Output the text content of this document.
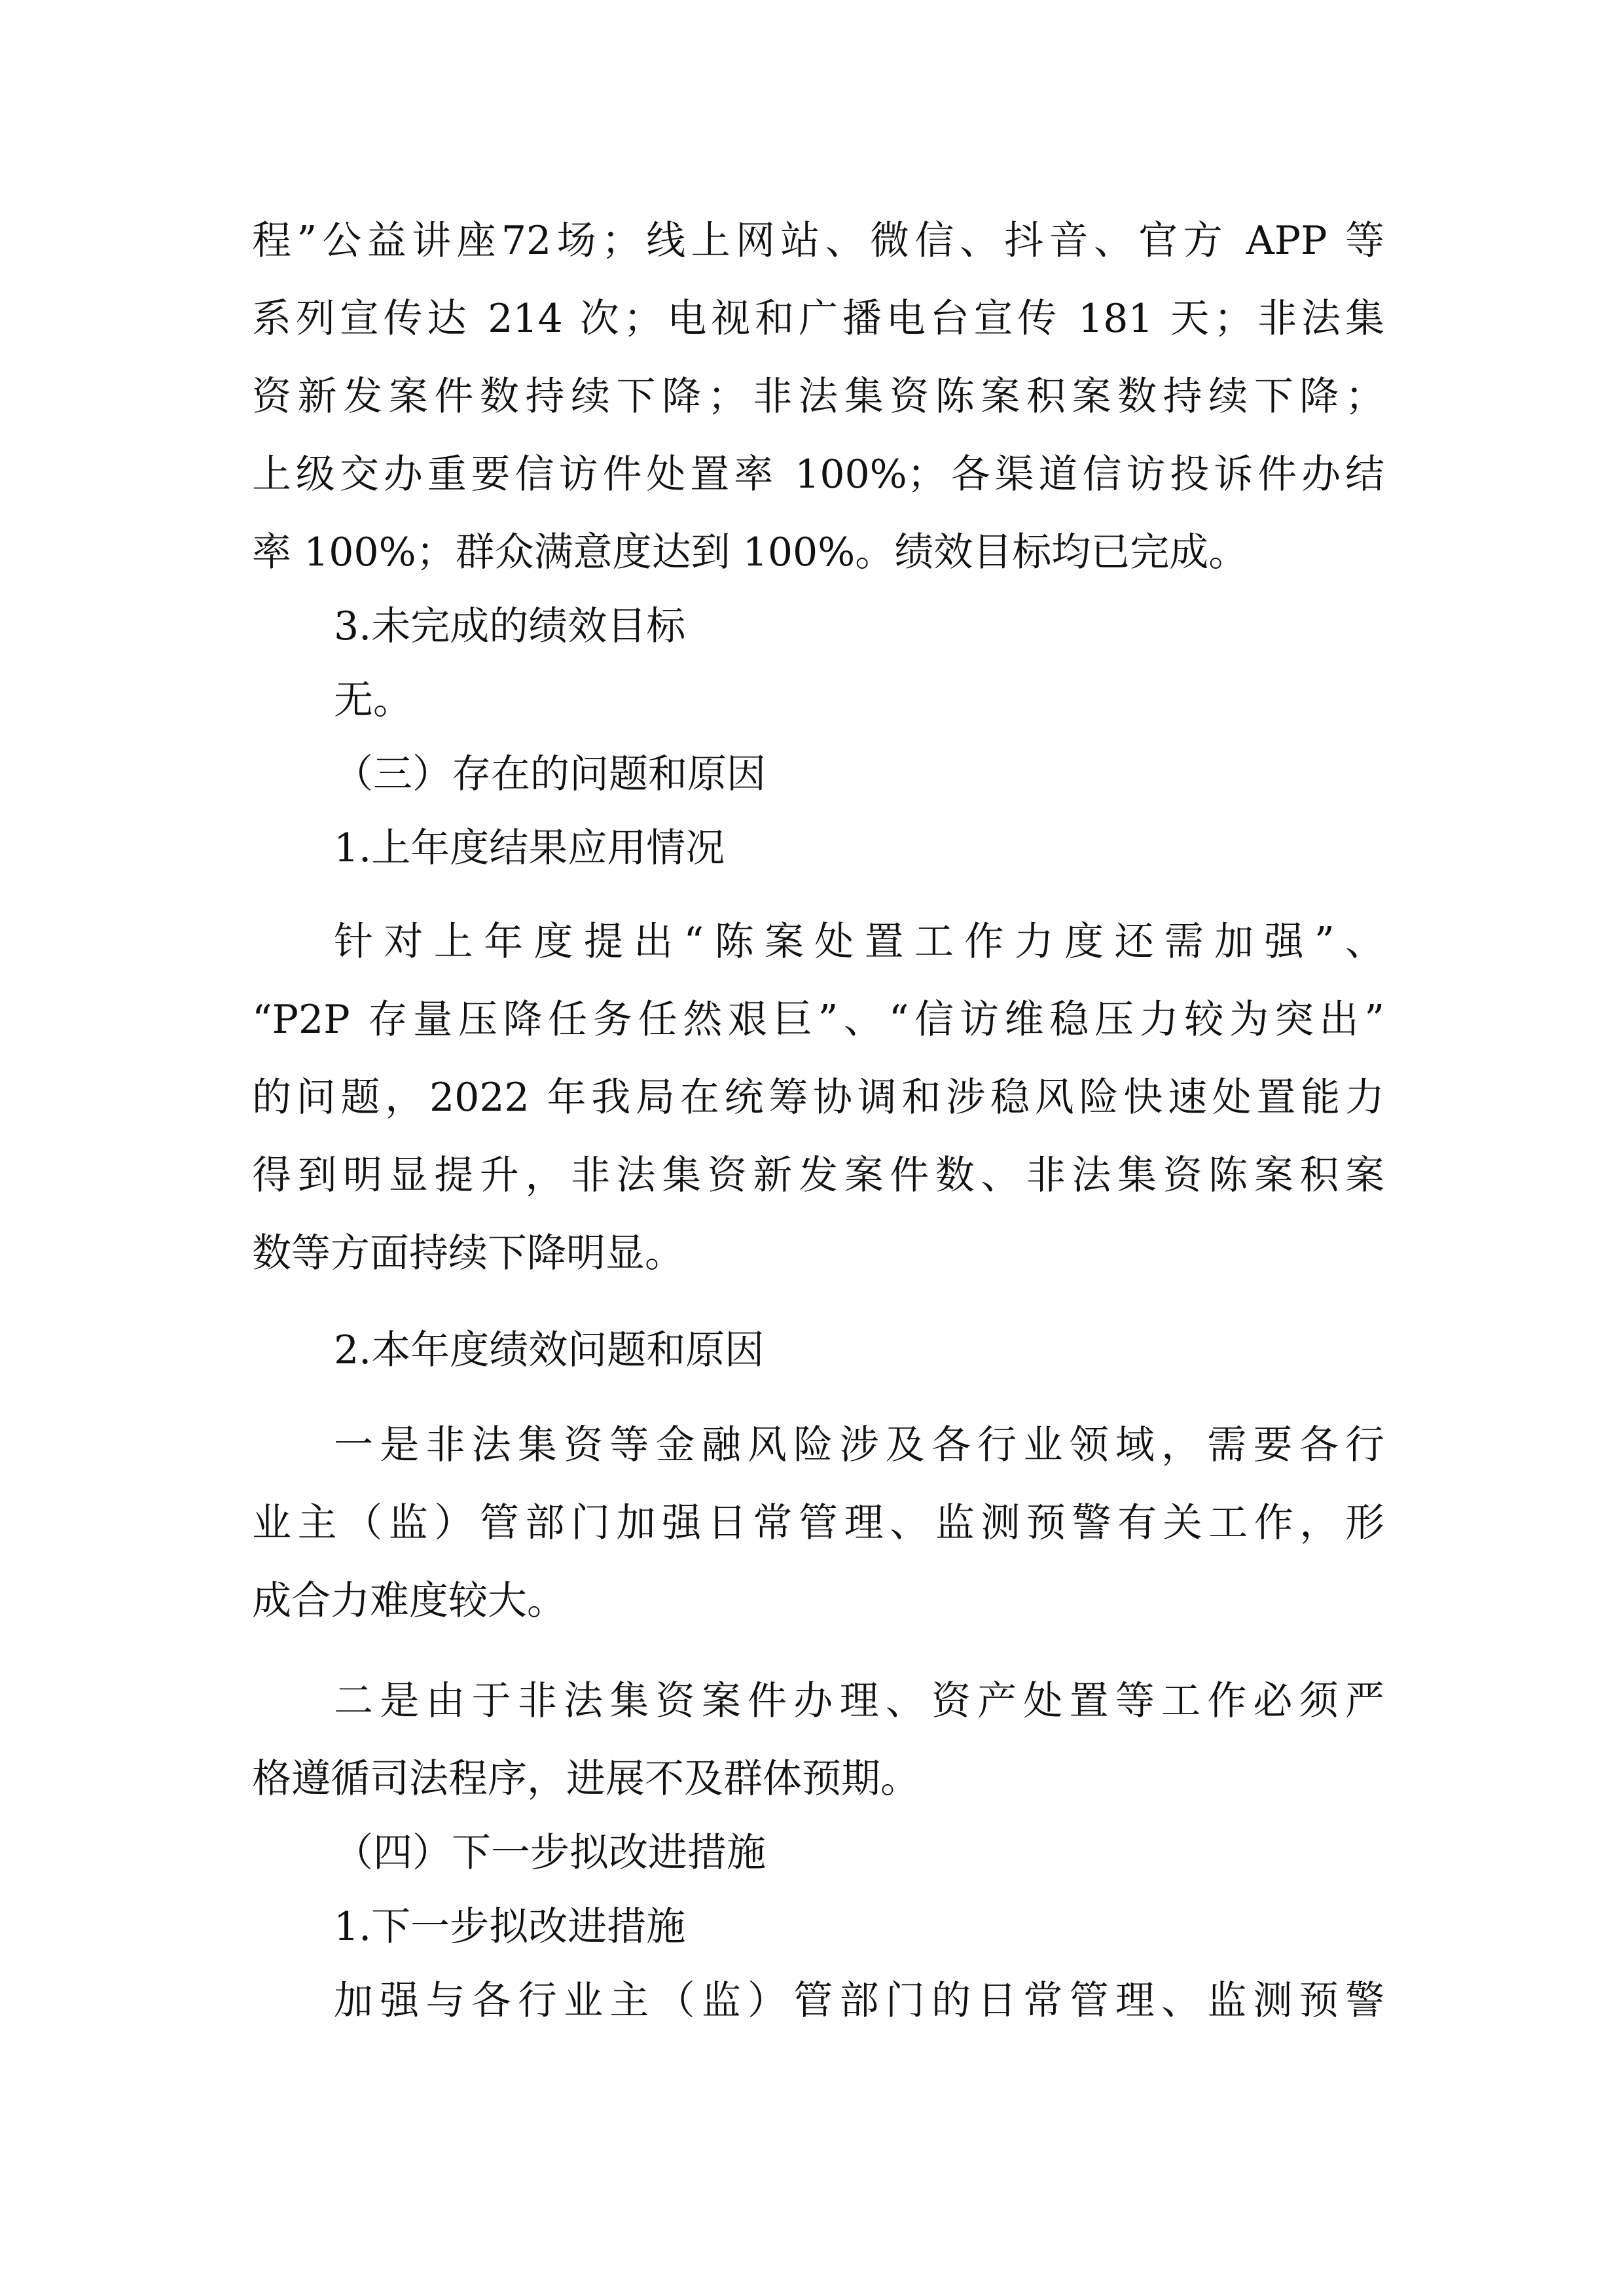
程”公益讲座72场；线上网站、微信、抖音、官方 APP 等
系列宣传达 214 次；电视和广播电台宣传 181 天；非法集
资新发案件数持续下降；非法集资陈案积案数持续下降；
上级交办重要信访件处置率 100%；各渠道信访投诉件办结
率 100%；群众满意度达到 100%。绩效目标均已完成。
3.未完成的绩效目标
无。
（三）存在的问题和原因
1.上年度结果应用情况
针对上年度提出“陈案处置工作力度还需加强”、
“P2P 存量压降任务任然艰巨”、“信访维稳压力较为突出”
的问题，2022 年我局在统筹协调和涉稳风险快速处置能力
得到明显提升，非法集资新发案件数、非法集资陈案积案
数等方面持续下降明显。
2.本年度绩效问题和原因
一是非法集资等金融风险涉及各行业领域，需要各行
业主（监）管部门加强日常管理、监测预警有关工作，形
成合力难度较大。
二是由于非法集资案件办理、资产处置等工作必须严
格遵循司法程序，进展不及群体预期。
（四）下一步拟改进措施
1.下一步拟改进措施
加强与各行业主（监）管部门的日常管理、监测预警
